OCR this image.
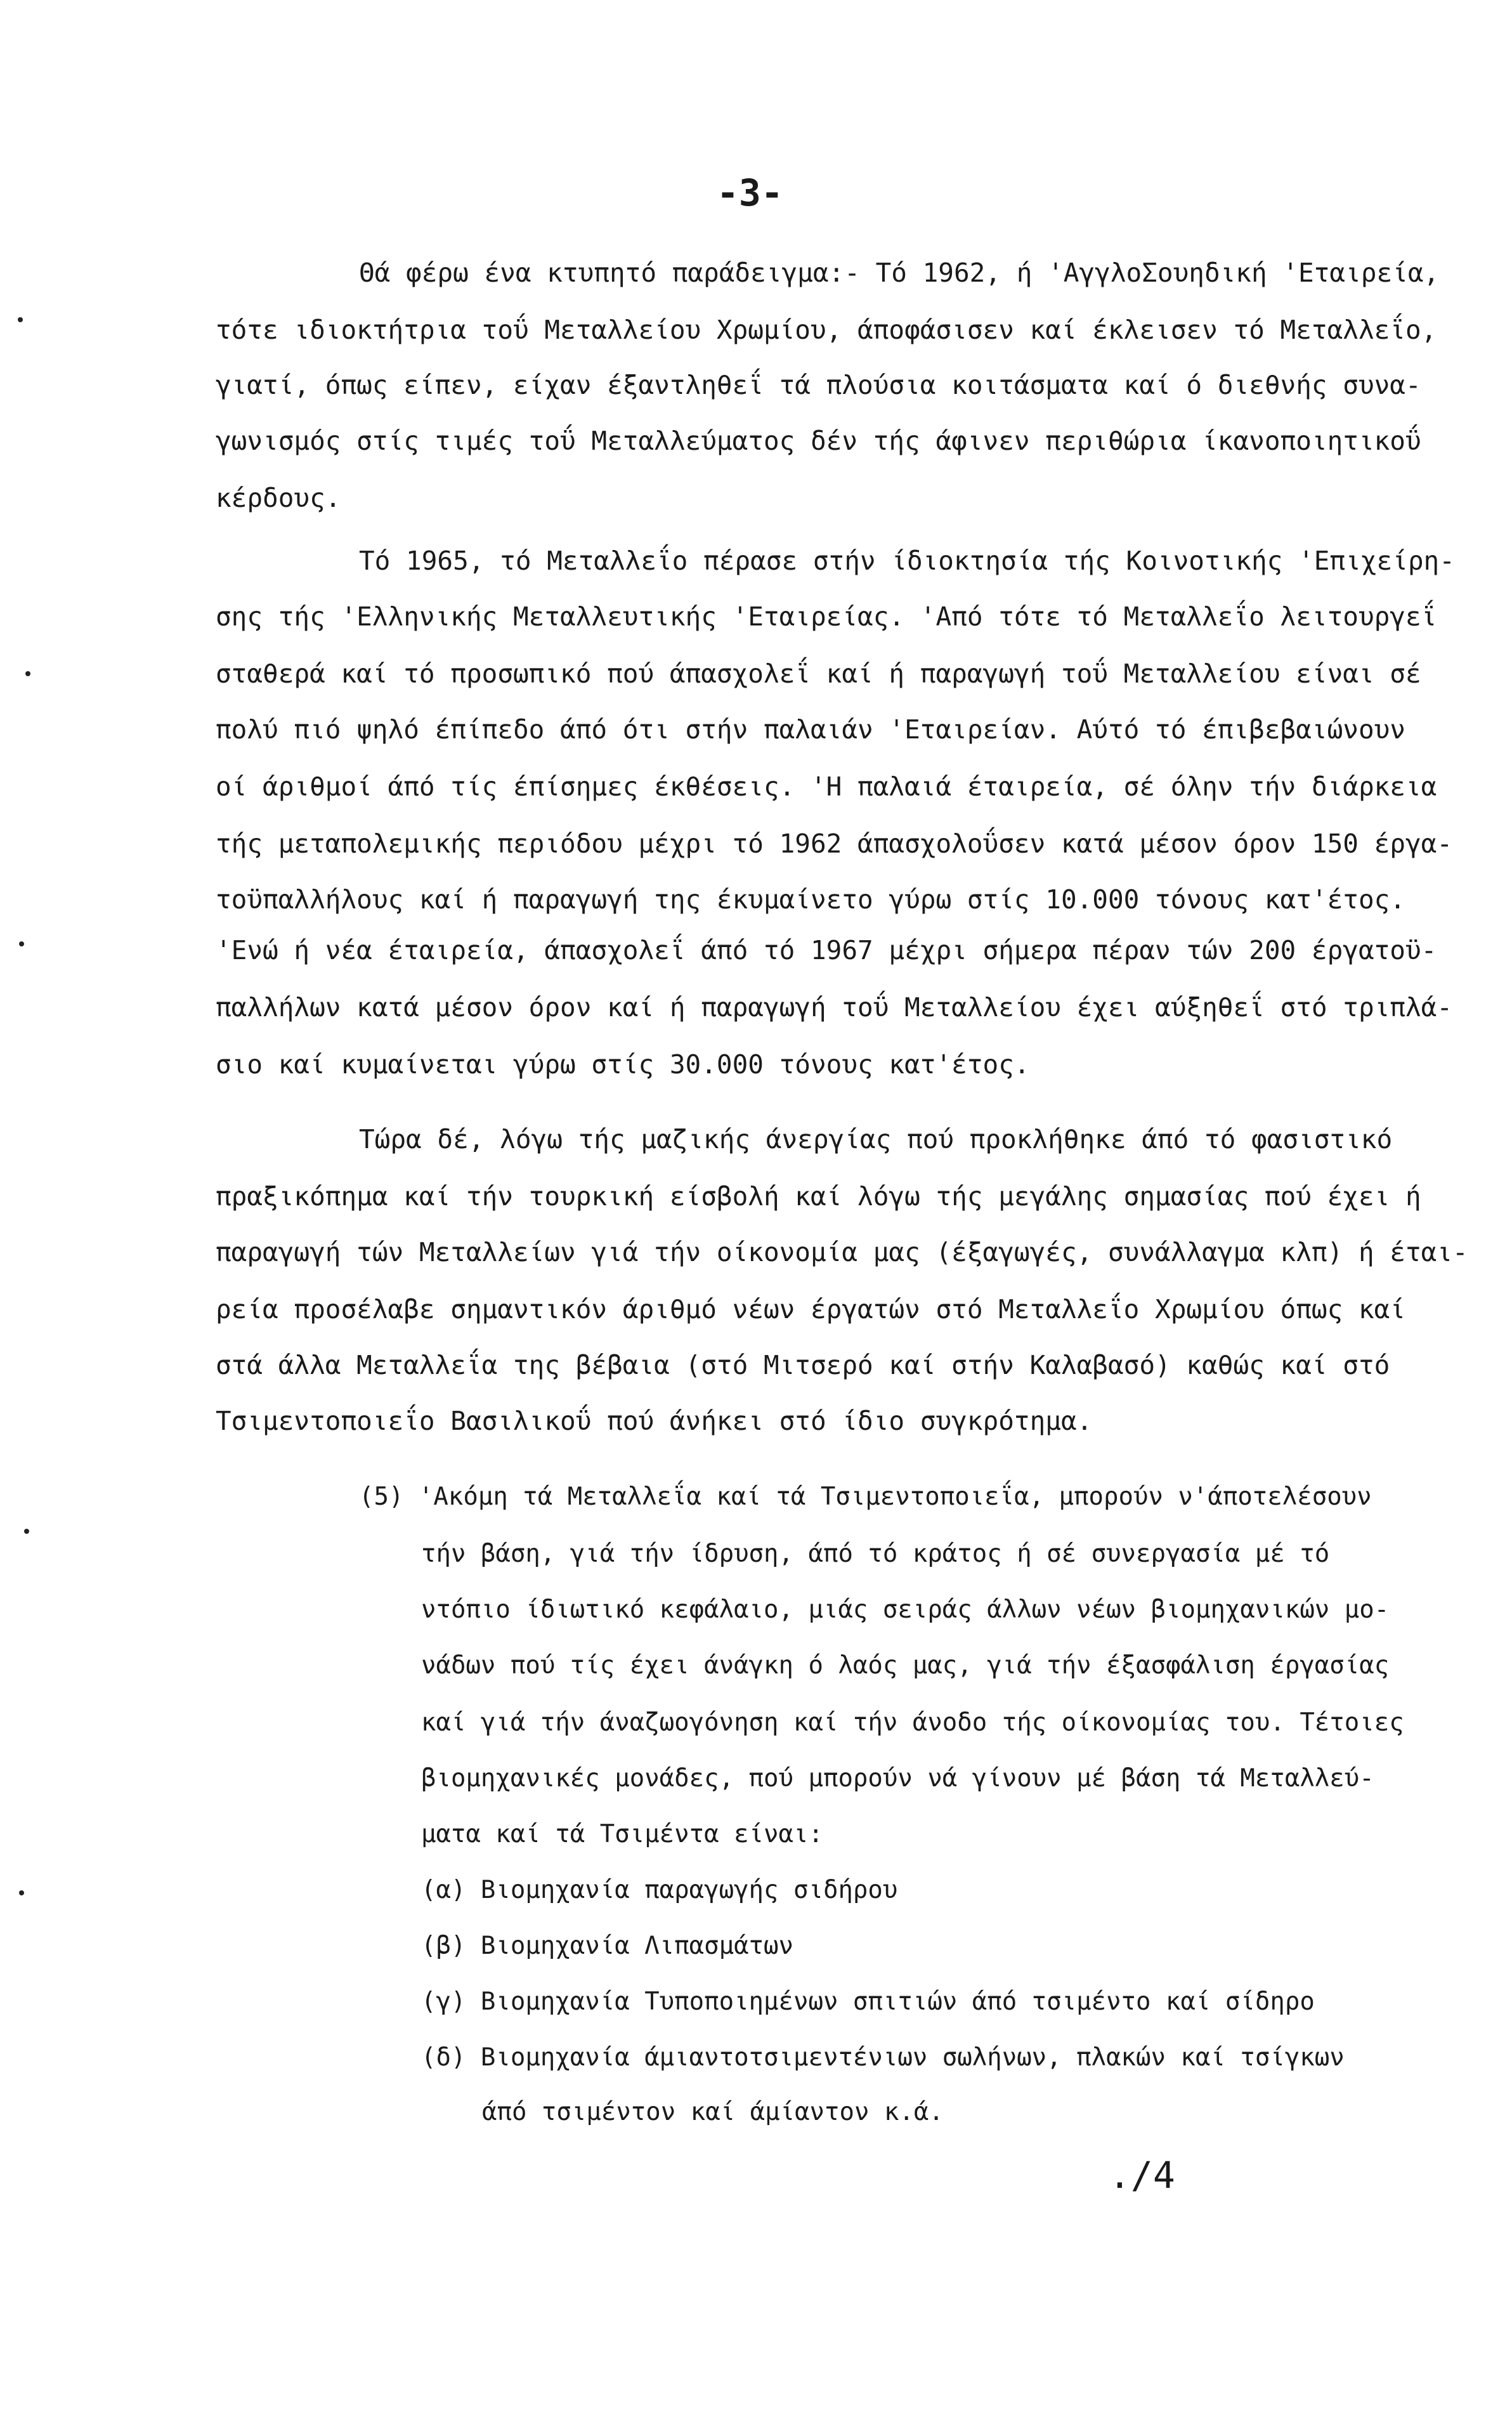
-3-
Θά φέρω ένα κτυπητό παράδειγμα:- Τό 1962, ή 'ΑγγλοΣουηδική 'Εταιρεία,
τότε ιδιοκτήτρια τοΰ Μεταλλείου Χρωμίου, άποφάσισεν καί έκλεισεν τό Μεταλλεΐο,
γιατί, όπως είπεν, είχαν έξαντληθεΐ τά πλούσια κοιτάσματα καί ό διεθνής συνα-
γωνισμός στίς τιμές τοΰ Μεταλλεύματος δέν τής άφινεν περιθώρια ίκανοποιητικοΰ
κέρδους.
Τό 1965, τό Μεταλλεΐο πέρασε στήν ίδιοκτησία τής Κοινοτικής 'Επιχείρη-
σης τής 'Ελληνικής Μεταλλευτικής 'Εταιρείας. 'Από τότε τό Μεταλλεΐο λειτουργεΐ
σταθερά καί τό προσωπικό πού άπασχολεΐ καί ή παραγωγή τοΰ Μεταλλείου είναι σέ
πολύ πιό ψηλό έπίπεδο άπό ότι στήν παλαιάν 'Εταιρείαν. Αύτό τό έπιβεβαιώνουν
οί άριθμοί άπό τίς έπίσημες έκθέσεις. 'Η παλαιά έταιρεία, σέ όλην τήν διάρκεια
τής μεταπολεμικής περιόδου μέχρι τό 1962 άπασχολοΰσεν κατά μέσον όρον 150 έργα-
τοϋπαλλήλους καί ή παραγωγή της έκυμαίνετο γύρω στίς 10.000 τόνους κατ'έτος.
'Ενώ ή νέα έταιρεία, άπασχολεΐ άπό τό 1967 μέχρι σήμερα πέραν τών 200 έργατοϋ-
παλλήλων κατά μέσον όρον καί ή παραγωγή τοΰ Μεταλλείου έχει αύξηθεΐ στό τριπλά-
σιο καί κυμαίνεται γύρω στίς 30.000 τόνους κατ'έτος.
Τώρα δέ, λόγω τής μαζικής άνεργίας πού προκλήθηκε άπό τό φασιστικό
πραξικόπημα καί τήν τουρκική είσβολή καί λόγω τής μεγάλης σημασίας πού έχει ή
παραγωγή τών Μεταλλείων γιά τήν οίκονομία μας (έξαγωγές, συνάλλαγμα κλπ) ή έται-
ρεία προσέλαβε σημαντικόν άριθμό νέων έργατών στό Μεταλλεΐο Χρωμίου όπως καί
στά άλλα Μεταλλεΐα της βέβαια (στό Μιτσερό καί στήν Καλαβασό) καθώς καί στό
Τσιμεντοποιεΐο Βασιλικοΰ πού άνήκει στό ίδιο συγκρότημα.
(5) 'Ακόμη τά Μεταλλεΐα καί τά Τσιμεντοποιεΐα, μπορούν ν'άποτελέσουν
τήν βάση, γιά τήν ίδρυση, άπό τό κράτος ή σέ συνεργασία μέ τό
ντόπιο ίδιωτικό κεφάλαιο, μιάς σειράς άλλων νέων βιομηχανικών μο-
νάδων πού τίς έχει άνάγκη ό λαός μας, γιά τήν έξασφάλιση έργασίας
καί γιά τήν άναζωογόνηση καί τήν άνοδο τής οίκονομίας του. Τέτοιες
βιομηχανικές μονάδες, πού μπορούν νά γίνουν μέ βάση τά Μεταλλεύ-
ματα καί τά Τσιμέντα είναι:
(α) Βιομηχανία παραγωγής σιδήρου
(β) Βιομηχανία Λιπασμάτων
(γ) Βιομηχανία Τυποποιημένων σπιτιών άπό τσιμέντο καί σίδηρο
(δ) Βιομηχανία άμιαντοτσιμεντένιων σωλήνων, πλακών καί τσίγκων
άπό τσιμέντον καί άμίαντον κ.ά.
./4
